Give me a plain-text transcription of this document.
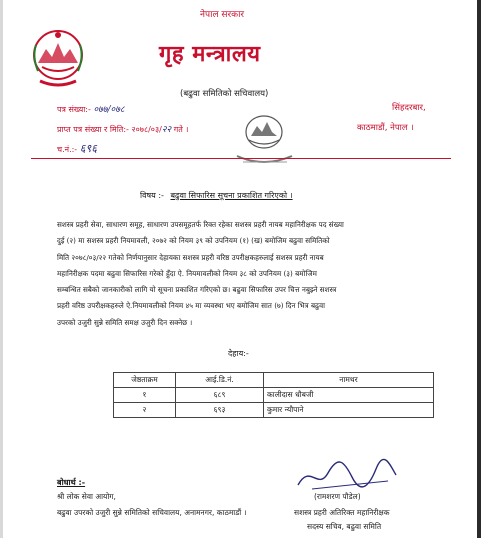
नेपाल सरकार
गृह मन्त्रालय
(बढुवा समितिको सचिवालय)
पत्र संख्या:- ०७७/०७८
प्राप्त पत्र संख्या र मिति:- २०७८/०३/२२ गते ।
च.नं.:- ६९६
सिंहदरबार,
काठमाडौं, नेपाल ।
विषय :- बढुवा सिफारिस सूचना प्रकाशित गरिएको ।
सशस्त्र प्रहरी सेवा, साधारण समूह, साधारण उपसमूहतर्फ रिक्त रहेका सशस्त्र प्रहरी नायब महानिरीक्षक पद संख्या
दुई (२) मा सशस्त्र प्रहरी नियमावली, २०७२ को नियम ३९ को उपनियम (१) (ख) बमोजिम बढुवा समितिको
मिति २०७८/०३/२२ गतेको निर्णयानुसार देहायका सशस्त्र प्रहरी वरिष्ठ उपरीक्षकहरुलाई सशस्त्र प्रहरी नायब
महानिरीक्षक पदमा बढुवा सिफारिस गरेको हुँदा ऐ. नियमावलीको नियम ३८ को उपनियम (३) बमोजिम
सम्बन्धित सबैको जानकारीको लागि यो सूचना प्रकाशित गरिएको छ। बढुवा सिफारिस उपर चित्त नबुझ्ने सशस्त्र
प्रहरी वरिष्ठ उपरीक्षकहरुले ऐ.नियमावलीको नियम ४५ मा व्यवस्था भए बमोजिम सात (७) दिन भित्र बढुवा
उपरको उजुरी सुन्ने समिति समक्ष उजुरी दिन सक्नेछ ।
देहाय:-
जेष्ठताक्रम	आई.डि.नं.	नामथर
१	६८९	कालीदास धौबजी
२	६९३	कुमार न्यौपाने
बोधार्थ :-
श्री लोक सेवा आयोग,
बढुवा उपरको उजुरी सुन्ने समितिको सचिवालय, अनामनगर, काठमाडौं ।
(रामशरण पौडेल)
सशस्त्र प्रहरी अतिरिक्त महानिरीक्षक
सदस्य सचिव, बढुवा समिति
